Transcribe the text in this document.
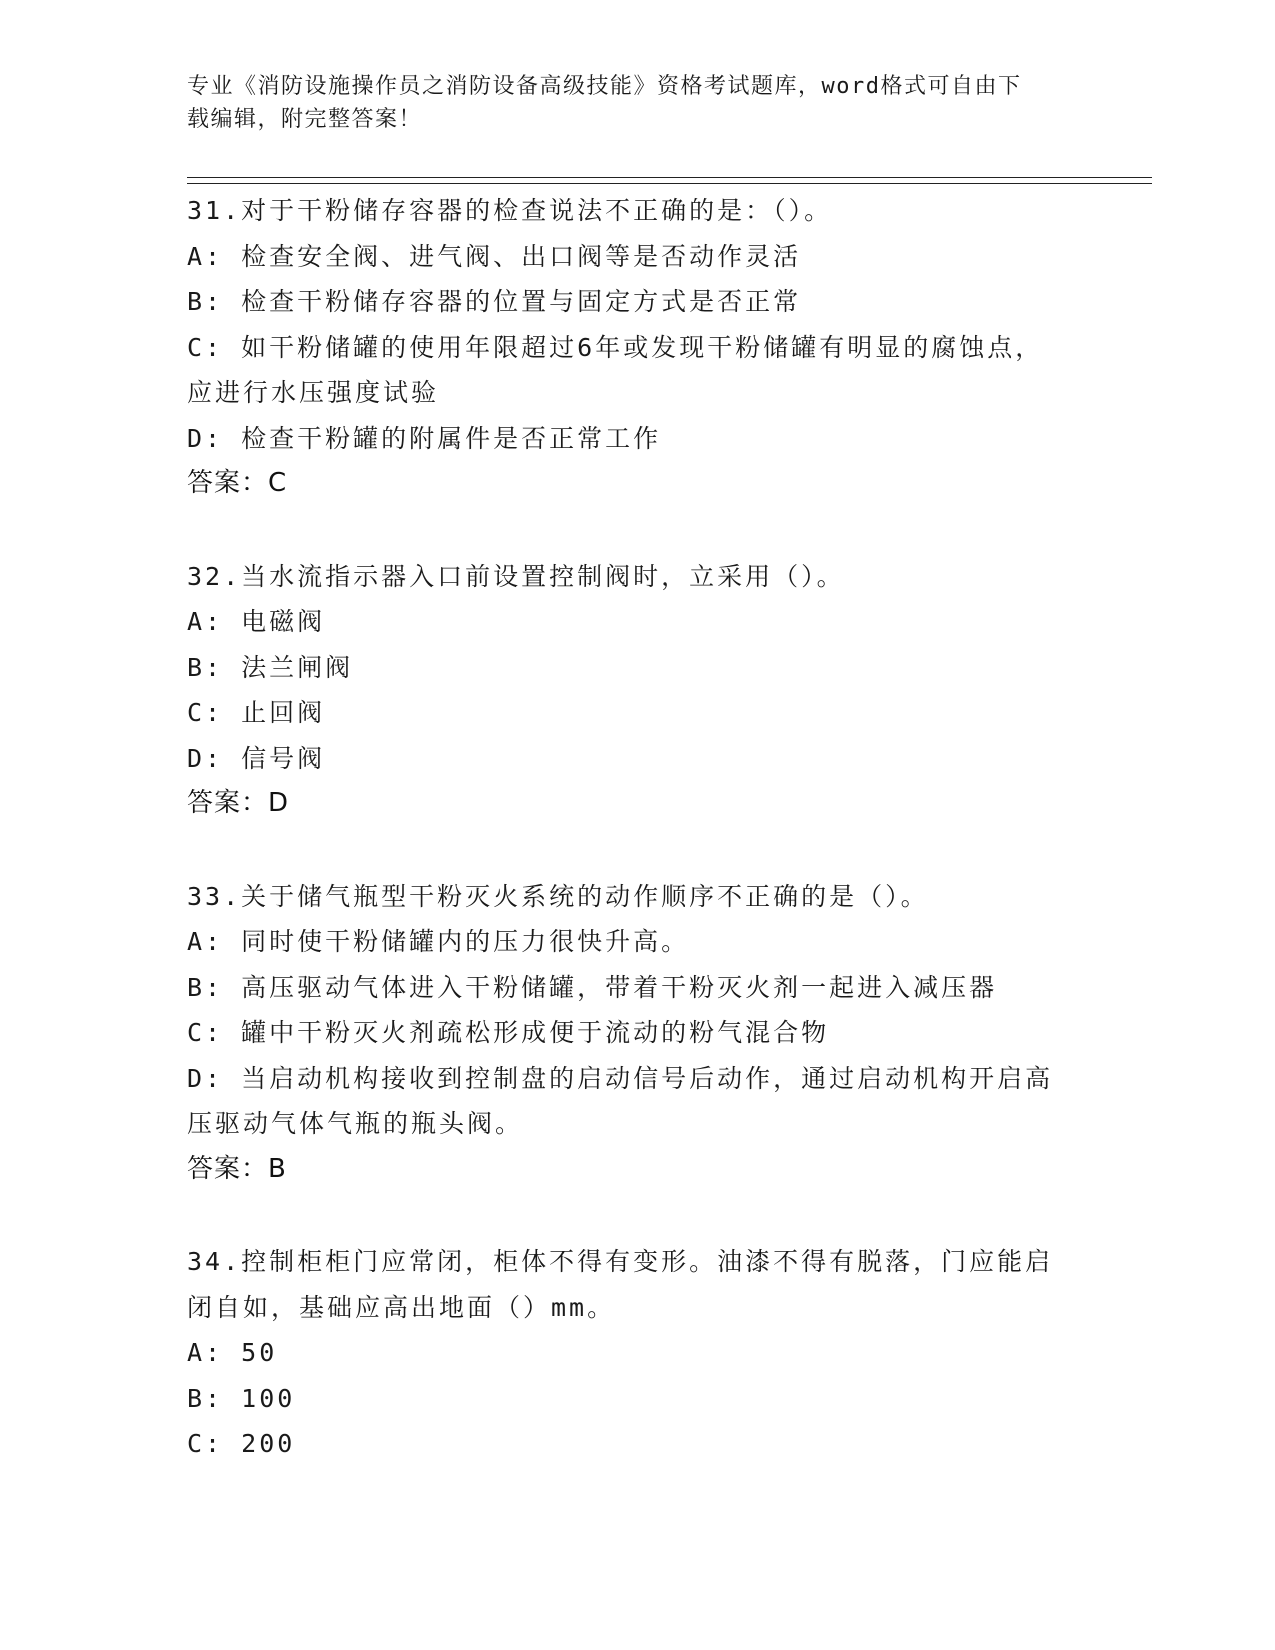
专业《消防设施操作员之消防设备高级技能》资格考试题库，word格式可自由下
载编辑，附完整答案！
31.对于干粉储存容器的检查说法不正确的是：（）。
A: 检查安全阀、进气阀、出口阀等是否动作灵活
B: 检查干粉储存容器的位置与固定方式是否正常
C: 如干粉储罐的使用年限超过6年或发现干粉储罐有明显的腐蚀点，
应进行水压强度试验
D: 检查干粉罐的附属件是否正常工作
答案：C
32.当水流指示器入口前设置控制阀时，立采用（）。
A: 电磁阀
B: 法兰闸阀
C: 止回阀
D: 信号阀
答案：D
33.关于储气瓶型干粉灭火系统的动作顺序不正确的是（）。
A: 同时使干粉储罐内的压力很快升高。
B: 高压驱动气体进入干粉储罐，带着干粉灭火剂一起进入减压器
C: 罐中干粉灭火剂疏松形成便于流动的粉气混合物
D: 当启动机构接收到控制盘的启动信号后动作，通过启动机构开启高
压驱动气体气瓶的瓶头阀。
答案：B
34.控制柜柜门应常闭，柜体不得有变形。油漆不得有脱落，门应能启
闭自如，基础应高出地面（）mm。
A: 50
B: 100
C: 200
